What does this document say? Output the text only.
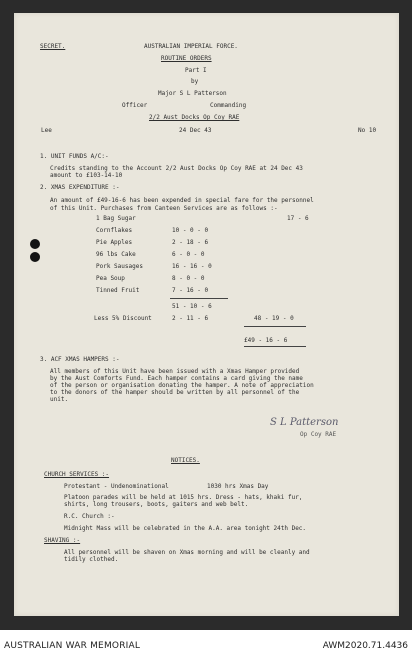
SECRET.	AUSTRALIAN IMPERIAL FORCE.
ROUTINE ORDERS
Part I
by
Major S L Patterson
Officer	Commanding
2/2 Aust Docks Op Coy RAE
Lee	24 Dec 43	No 10
1. UNIT FUNDS A/C:-
Credits standing to the Account 2/2 Aust Docks Op Coy RAE at 24 Dec 43
amount to £103-14-10
2. XMAS EXPENDITURE :-
An amount of £49-16-6 has been expended in special fare for the personnel
of this Unit. Purchases from Canteen Services are as follows :-
1 Bag Sugar	17 - 6
Cornflakes	10 - 0 - 0
Pie Apples	2 - 18 - 6
96 lbs Cake	6 - 0 - 0
Pork Sausages	16 - 16 - 0
Pea Soup	8 - 0 - 0
Tinned Fruit	7 - 16 - 0
51 - 10 - 6
Less 5% Discount	2 - 11 - 6	48 - 19 - 0
£49 - 16 - 6
3. ACF XMAS HAMPERS :-
All members of this Unit have been issued with a Xmas Hamper provided
by the Aust Comforts Fund. Each hamper contains a card giving the name
of the person or organisation donating the hamper. A note of appreciation
to the donors of the hamper should be written by all personnel of the
unit.
S L Patterson
Op Coy RAE
NOTICES.
CHURCH SERVICES :-
Protestant - Undenominational	1030 hrs Xmas Day
Platoon parades will be held at 1015 hrs. Dress - hats, khaki fur,
shirts, long trousers, boots, gaiters and web belt.
R.C. Church :-
Midnight Mass will be celebrated in the A.A. area tonight 24th Dec.
SHAVING :-
All personnel will be shaven on Xmas morning and will be cleanly and
tidily clothed.
AUSTRALIAN WAR MEMORIAL	AWM2020.71.4436
